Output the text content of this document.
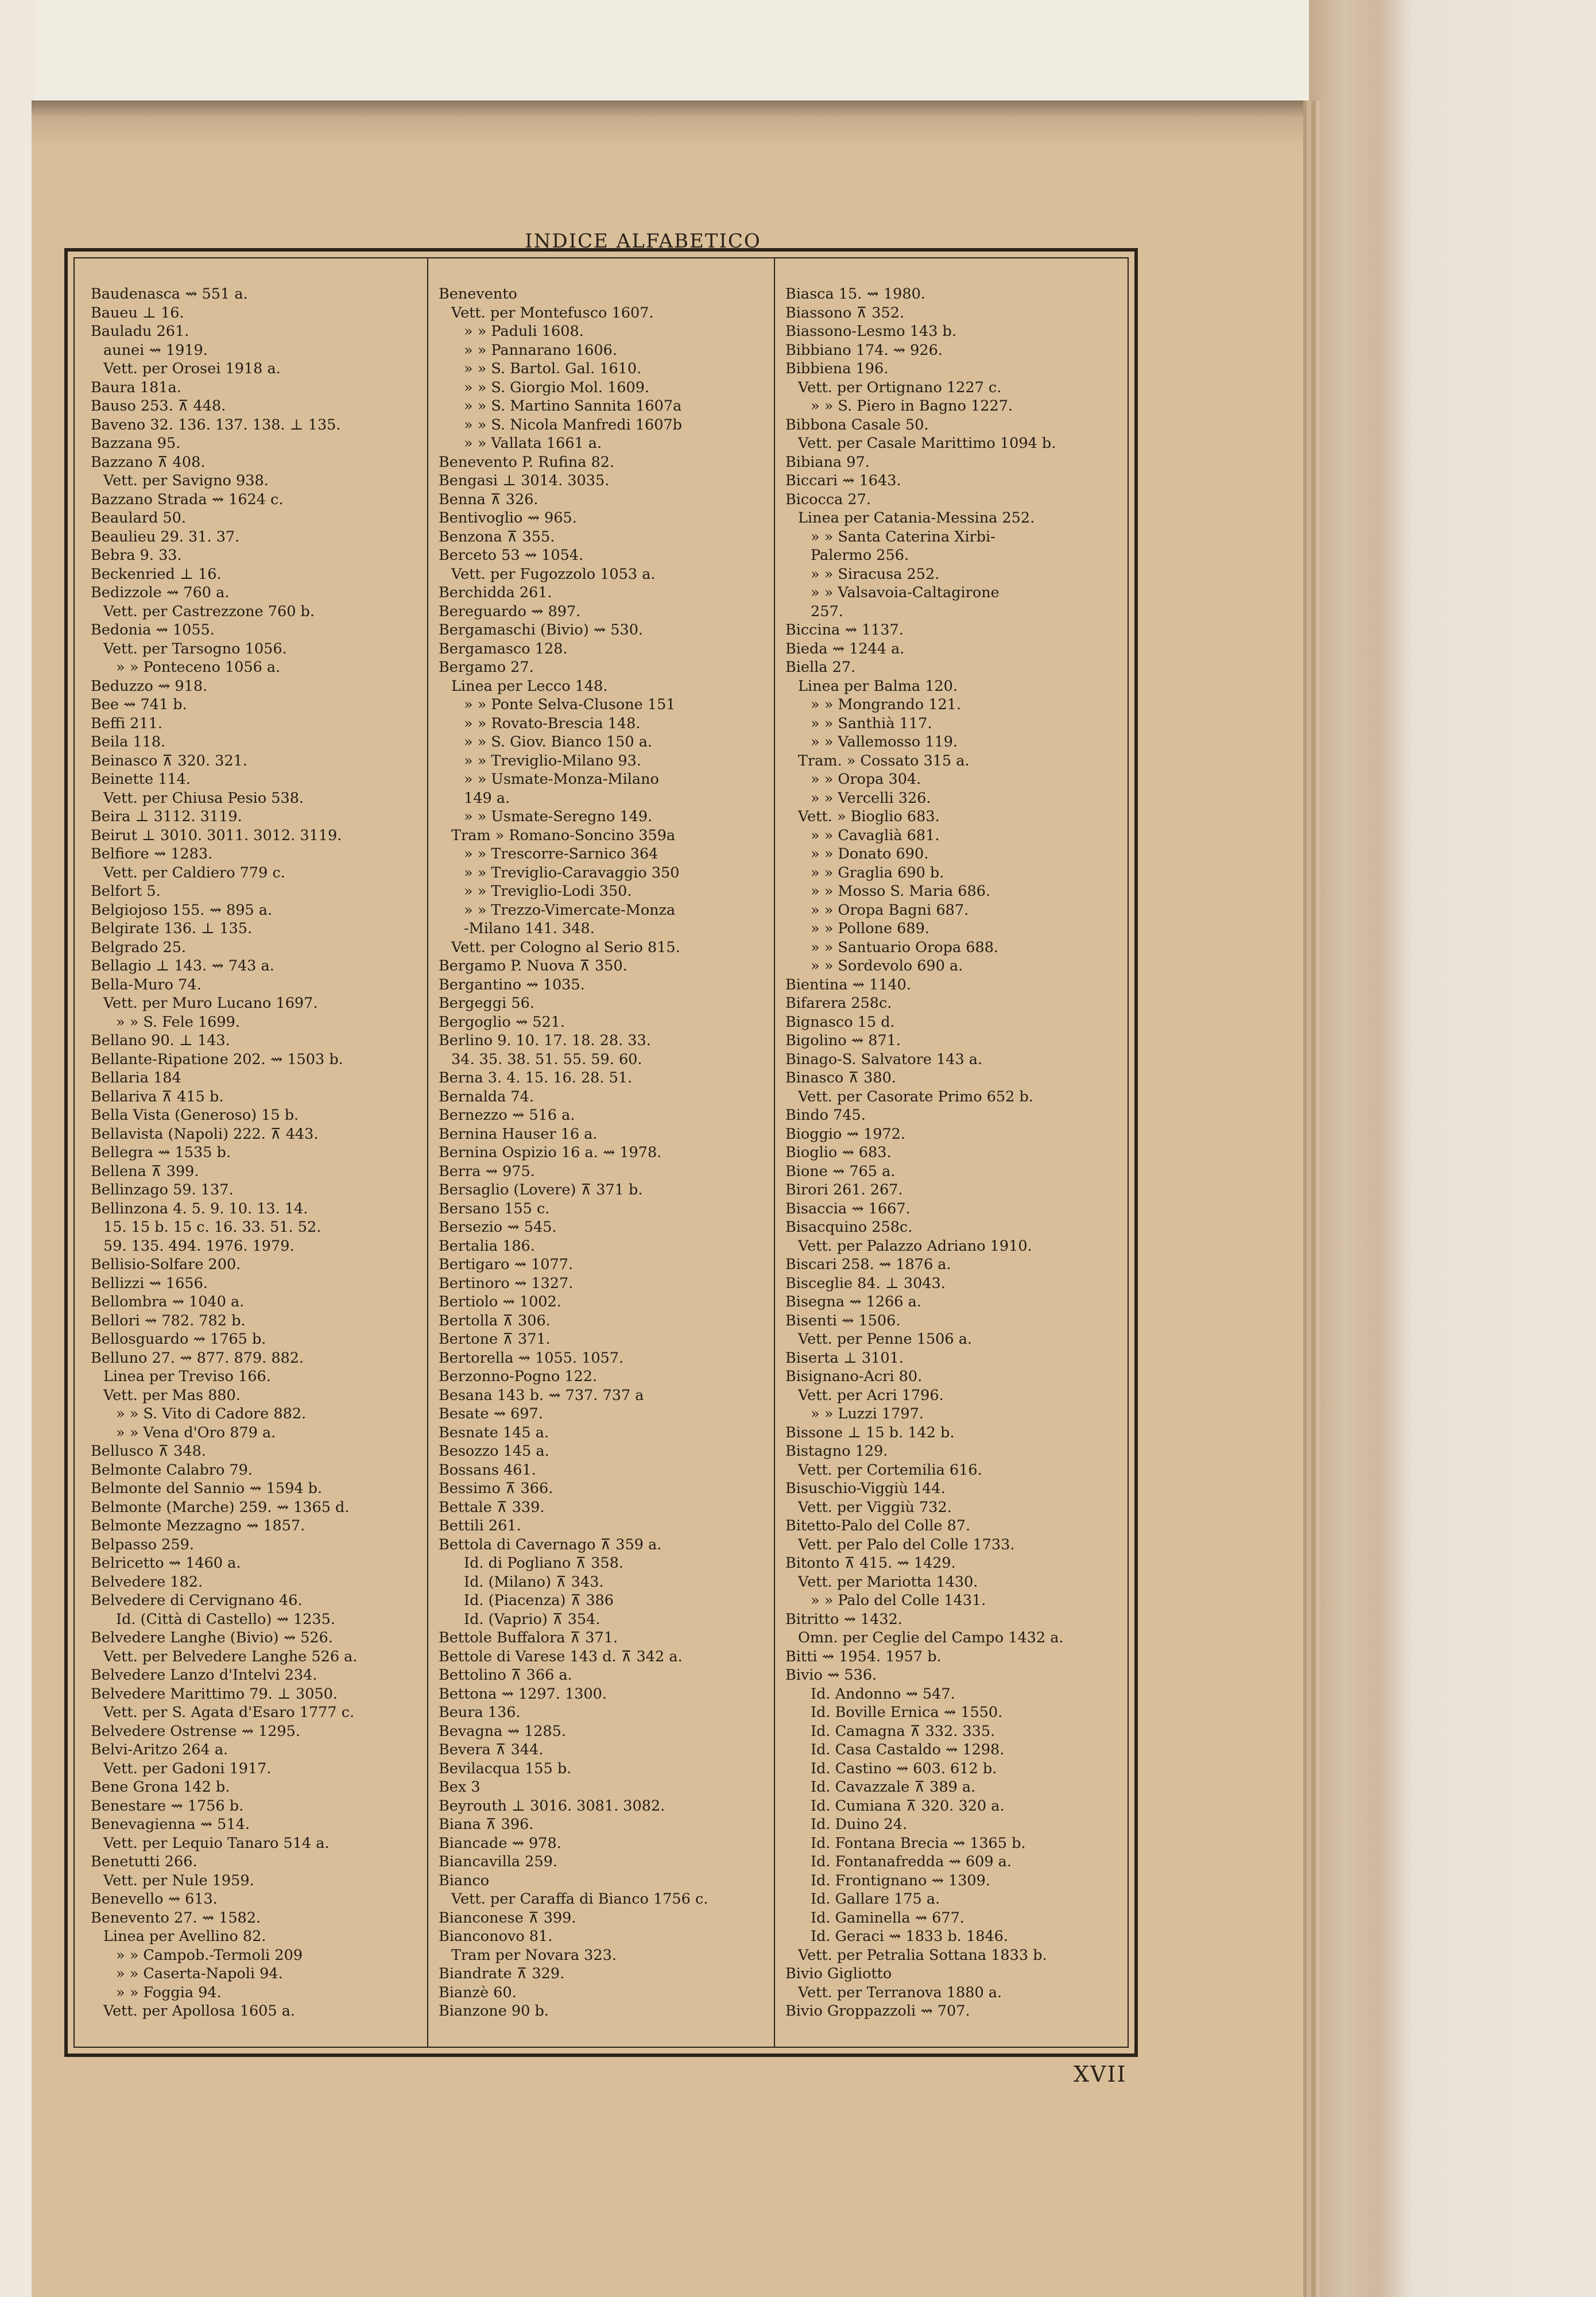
INDICE ALFABETICO
Baudenasca ⇝ 551 a.
Baueu ⊥ 16.
Bauladu 261.
aunei ⇝ 1919.
Vett. per Orosei 1918 a.
Baura 181a.
Bauso 253. ⊼ 448.
Baveno 32. 136. 137. 138. ⊥ 135.
Bazzana 95.
Bazzano ⊼ 408.
Vett. per Savigno 938.
Bazzano Strada ⇝ 1624 c.
Beaulard 50.
Beaulieu 29. 31. 37.
Bebra 9. 33.
Beckenried ⊥ 16.
Bedizzole ⇝ 760 a.
Vett. per Castrezzone 760 b.
Bedonia ⇝ 1055.
Vett. per Tarsogno 1056.
» » Ponteceno 1056 a.
Beduzzo ⇝ 918.
Bee ⇝ 741 b.
Beffi 211.
Beila 118.
Beinasco ⊼ 320. 321.
Beinette 114.
Vett. per Chiusa Pesio 538.
Beira ⊥ 3112. 3119.
Beirut ⊥ 3010. 3011. 3012. 3119.
Belfiore ⇝ 1283.
Vett. per Caldiero 779 c.
Belfort 5.
Belgiojoso 155. ⇝ 895 a.
Belgirate 136. ⊥ 135.
Belgrado 25.
Bellagio ⊥ 143. ⇝ 743 a.
Bella-Muro 74.
Vett. per Muro Lucano 1697.
» » S. Fele 1699.
Bellano 90. ⊥ 143.
Bellante-Ripatione 202. ⇝ 1503 b.
Bellaria 184
Bellariva ⊼ 415 b.
Bella Vista (Generoso) 15 b.
Bellavista (Napoli) 222. ⊼ 443.
Bellegra ⇝ 1535 b.
Bellena ⊼ 399.
Bellinzago 59. 137.
Bellinzona 4. 5. 9. 10. 13. 14.
15. 15 b. 15 c. 16. 33. 51. 52.
59. 135. 494. 1976. 1979.
Bellisio-Solfare 200.
Bellizzi ⇝ 1656.
Bellombra ⇝ 1040 a.
Bellori ⇝ 782. 782 b.
Bellosguardo ⇝ 1765 b.
Belluno 27. ⇝ 877. 879. 882.
Linea per Treviso 166.
Vett. per Mas 880.
» » S. Vito di Cadore 882.
» » Vena d'Oro 879 a.
Bellusco ⊼ 348.
Belmonte Calabro 79.
Belmonte del Sannio ⇝ 1594 b.
Belmonte (Marche) 259. ⇝ 1365 d.
Belmonte Mezzagno ⇝ 1857.
Belpasso 259.
Belricetto ⇝ 1460 a.
Belvedere 182.
Belvedere di Cervignano 46.
Id. (Città di Castello) ⇝ 1235.
Belvedere Langhe (Bivio) ⇝ 526.
Vett. per Belvedere Langhe 526 a.
Belvedere Lanzo d'Intelvi 234.
Belvedere Marittimo 79. ⊥ 3050.
Vett. per S. Agata d'Esaro 1777 c.
Belvedere Ostrense ⇝ 1295.
Belvi-Aritzo 264 a.
Vett. per Gadoni 1917.
Bene Grona 142 b.
Benestare ⇝ 1756 b.
Benevagienna ⇝ 514.
Vett. per Lequio Tanaro 514 a.
Benetutti 266.
Vett. per Nule 1959.
Benevello ⇝ 613.
Benevento 27. ⇝ 1582.
Linea per Avellino 82.
» » Campob.-Termoli 209
» » Caserta-Napoli 94.
» » Foggia 94.
Vett. per Apollosa 1605 a.
Benevento
Vett. per Montefusco 1607.
» » Paduli 1608.
» » Pannarano 1606.
» » S. Bartol. Gal. 1610.
» » S. Giorgio Mol. 1609.
» » S. Martino Sannita 1607a
» » S. Nicola Manfredi 1607b
» » Vallata 1661 a.
Benevento P. Rufina 82.
Bengasi ⊥ 3014. 3035.
Benna ⊼ 326.
Bentivoglio ⇝ 965.
Benzona ⊼ 355.
Berceto 53 ⇝ 1054.
Vett. per Fugozzolo 1053 a.
Berchidda 261.
Bereguardo ⇝ 897.
Bergamaschi (Bivio) ⇝ 530.
Bergamasco 128.
Bergamo 27.
Linea per Lecco 148.
» » Ponte Selva-Clusone 151
» » Rovato-Brescia 148.
» » S. Giov. Bianco 150 a.
» » Treviglio-Milano 93.
» » Usmate-Monza-Milano
149 a.
» » Usmate-Seregno 149.
Tram » Romano-Soncino 359a
» » Trescorre-Sarnico 364
» » Treviglio-Caravaggio 350
» » Treviglio-Lodi 350.
» » Trezzo-Vimercate-Monza
-Milano 141. 348.
Vett. per Cologno al Serio 815.
Bergamo P. Nuova ⊼ 350.
Bergantino ⇝ 1035.
Bergeggi 56.
Bergoglio ⇝ 521.
Berlino 9. 10. 17. 18. 28. 33.
34. 35. 38. 51. 55. 59. 60.
Berna 3. 4. 15. 16. 28. 51.
Bernalda 74.
Bernezzo ⇝ 516 a.
Bernina Hauser 16 a.
Bernina Ospizio 16 a. ⇝ 1978.
Berra ⇝ 975.
Bersaglio (Lovere) ⊼ 371 b.
Bersano 155 c.
Bersezio ⇝ 545.
Bertalia 186.
Bertigaro ⇝ 1077.
Bertinoro ⇝ 1327.
Bertiolo ⇝ 1002.
Bertolla ⊼ 306.
Bertone ⊼ 371.
Bertorella ⇝ 1055. 1057.
Berzonno-Pogno 122.
Besana 143 b. ⇝ 737. 737 a
Besate ⇝ 697.
Besnate 145 a.
Besozzo 145 a.
Bossans 461.
Bessimo ⊼ 366.
Bettale ⊼ 339.
Bettili 261.
Bettola di Cavernago ⊼ 359 a.
Id. di Pogliano ⊼ 358.
Id. (Milano) ⊼ 343.
Id. (Piacenza) ⊼ 386
Id. (Vaprio) ⊼ 354.
Bettole Buffalora ⊼ 371.
Bettole di Varese 143 d. ⊼ 342 a.
Bettolino ⊼ 366 a.
Bettona ⇝ 1297. 1300.
Beura 136.
Bevagna ⇝ 1285.
Bevera ⊼ 344.
Bevilacqua 155 b.
Bex 3
Beyrouth ⊥ 3016. 3081. 3082.
Biana ⊼ 396.
Biancade ⇝ 978.
Biancavilla 259.
Bianco
Vett. per Caraffa di Bianco 1756 c.
Bianconese ⊼ 399.
Bianconovo 81.
Tram per Novara 323.
Biandrate ⊼ 329.
Bianzè 60.
Bianzone 90 b.
Biasca 15. ⇝ 1980.
Biassono ⊼ 352.
Biassono-Lesmo 143 b.
Bibbiano 174. ⇝ 926.
Bibbiena 196.
Vett. per Ortignano 1227 c.
» » S. Piero in Bagno 1227.
Bibbona Casale 50.
Vett. per Casale Marittimo 1094 b.
Bibiana 97.
Biccari ⇝ 1643.
Bicocca 27.
Linea per Catania-Messina 252.
» » Santa Caterina Xirbi-
Palermo 256.
» » Siracusa 252.
» » Valsavoia-Caltagirone
257.
Biccina ⇝ 1137.
Bieda ⇝ 1244 a.
Biella 27.
Linea per Balma 120.
» » Mongrando 121.
» » Santhià 117.
» » Vallemosso 119.
Tram. » Cossato 315 a.
» » Oropa 304.
» » Vercelli 326.
Vett. » Bioglio 683.
» » Cavaglià 681.
» » Donato 690.
» » Graglia 690 b.
» » Mosso S. Maria 686.
» » Oropa Bagni 687.
» » Pollone 689.
» » Santuario Oropa 688.
» » Sordevolo 690 a.
Bientina ⇝ 1140.
Bifarera 258c.
Bignasco 15 d.
Bigolino ⇝ 871.
Binago-S. Salvatore 143 a.
Binasco ⊼ 380.
Vett. per Casorate Primo 652 b.
Bindo 745.
Bioggio ⇝ 1972.
Bioglio ⇝ 683.
Bione ⇝ 765 a.
Birori 261. 267.
Bisaccia ⇝ 1667.
Bisacquino 258c.
Vett. per Palazzo Adriano 1910.
Biscari 258. ⇝ 1876 a.
Bisceglie 84. ⊥ 3043.
Bisegna ⇝ 1266 a.
Bisenti ⇝ 1506.
Vett. per Penne 1506 a.
Biserta ⊥ 3101.
Bisignano-Acri 80.
Vett. per Acri 1796.
» » Luzzi 1797.
Bissone ⊥ 15 b. 142 b.
Bistagno 129.
Vett. per Cortemilia 616.
Bisuschio-Viggiù 144.
Vett. per Viggiù 732.
Bitetto-Palo del Colle 87.
Vett. per Palo del Colle 1733.
Bitonto ⊼ 415. ⇝ 1429.
Vett. per Mariotta 1430.
» » Palo del Colle 1431.
Bitritto ⇝ 1432.
Omn. per Ceglie del Campo 1432 a.
Bitti ⇝ 1954. 1957 b.
Bivio ⇝ 536.
Id. Andonno ⇝ 547.
Id. Boville Ernica ⇝ 1550.
Id. Camagna ⊼ 332. 335.
Id. Casa Castaldo ⇝ 1298.
Id. Castino ⇝ 603. 612 b.
Id. Cavazzale ⊼ 389 a.
Id. Cumiana ⊼ 320. 320 a.
Id. Duino 24.
Id. Fontana Brecia ⇝ 1365 b.
Id. Fontanafredda ⇝ 609 a.
Id. Frontignano ⇝ 1309.
Id. Gallare 175 a.
Id. Gaminella ⇝ 677.
Id. Geraci ⇝ 1833 b. 1846.
Vett. per Petralia Sottana 1833 b.
Bivio Gigliotto
Vett. per Terranova 1880 a.
Bivio Groppazzoli ⇝ 707.
XVII
